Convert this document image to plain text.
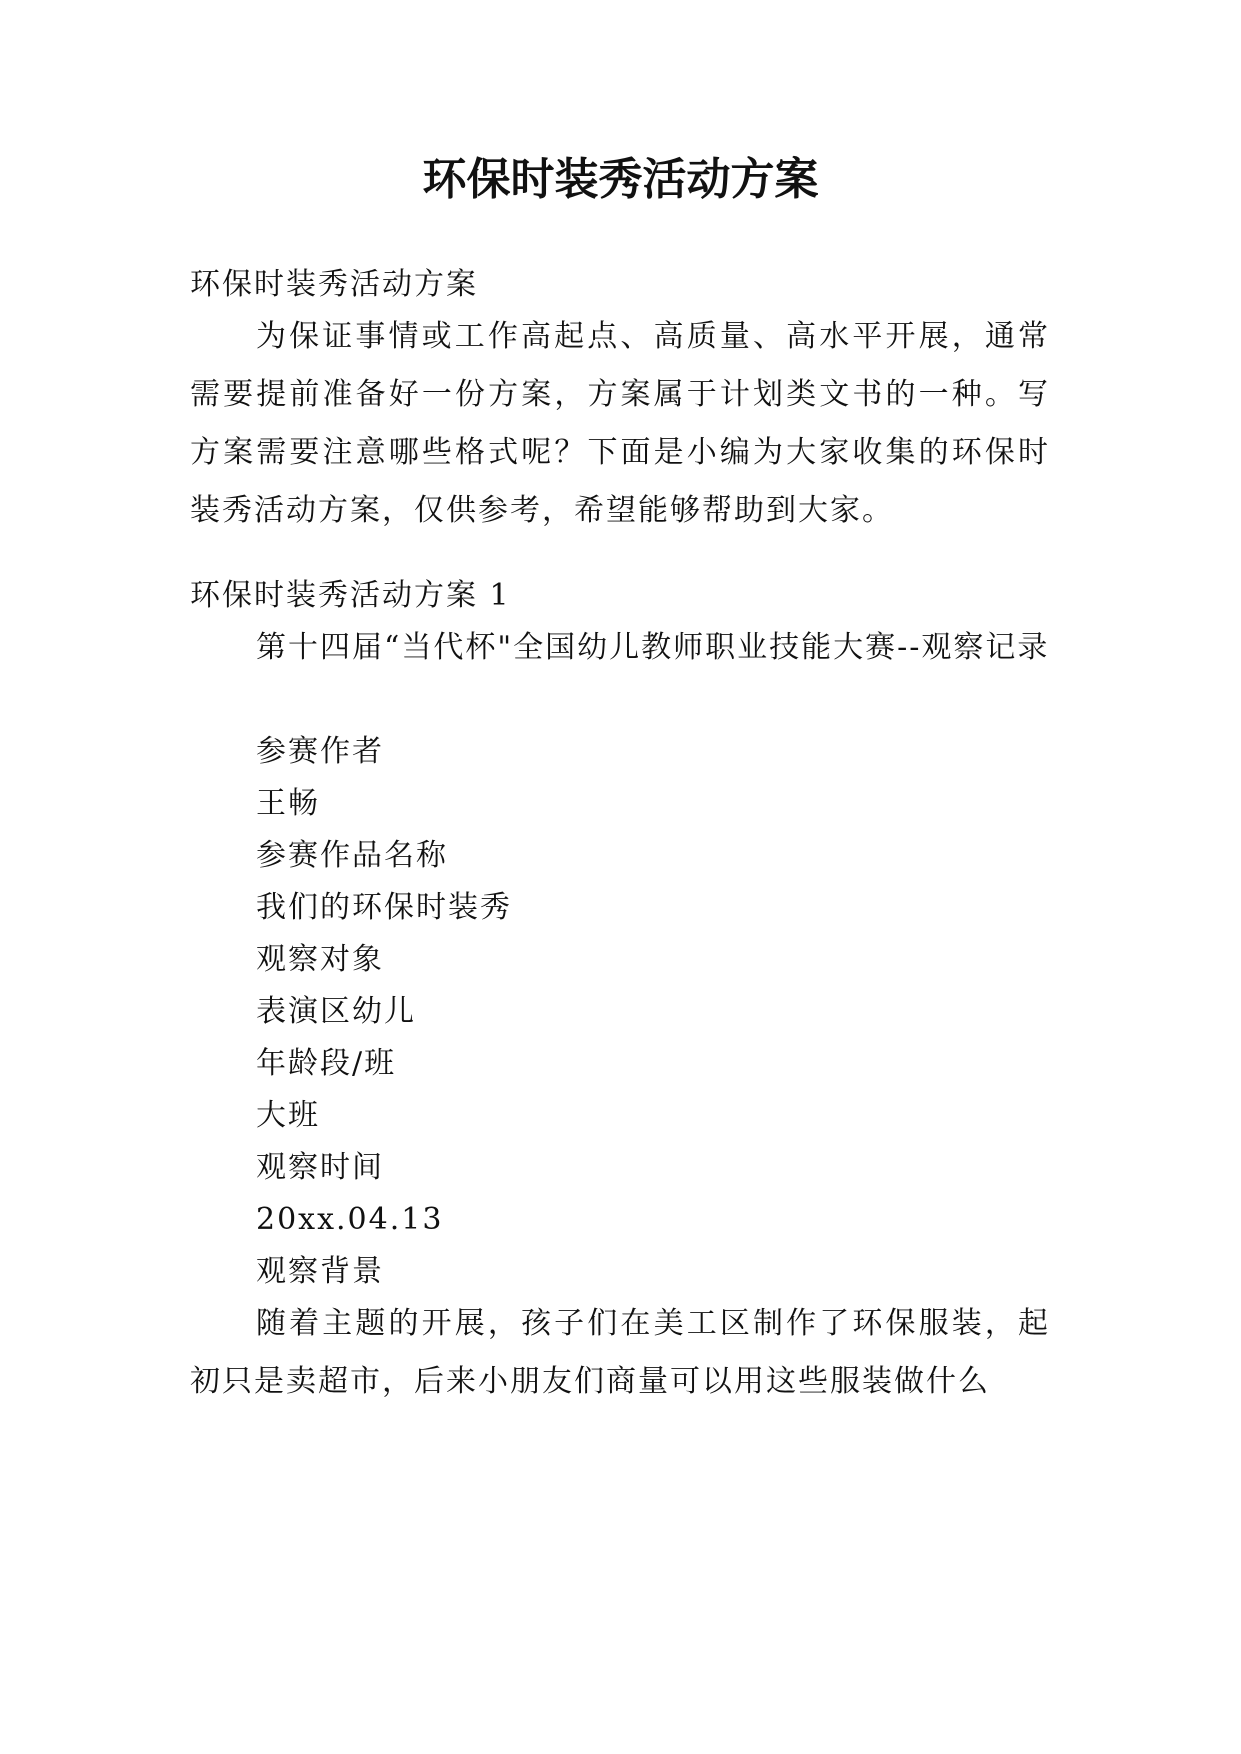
环保时装秀活动方案

环保时装秀活动方案

为保证事情或工作高起点、高质量、高水平开展，通常需要提前准备好一份方案，方案属于计划类文书的一种。写方案需要注意哪些格式呢？下面是小编为大家收集的环保时装秀活动方案，仅供参考，希望能够帮助到大家。

环保时装秀活动方案 1

第十四届“当代杯"全国幼儿教师职业技能大赛--观察记录

参赛作者

王畅

参赛作品名称

我们的环保时装秀

观察对象

表演区幼儿

年龄段/班

大班

观察时间

20xx.04.13

观察背景

随着主题的开展，孩子们在美工区制作了环保服装，起初只是卖超市，后来小朋友们商量可以用这些服装做什么
